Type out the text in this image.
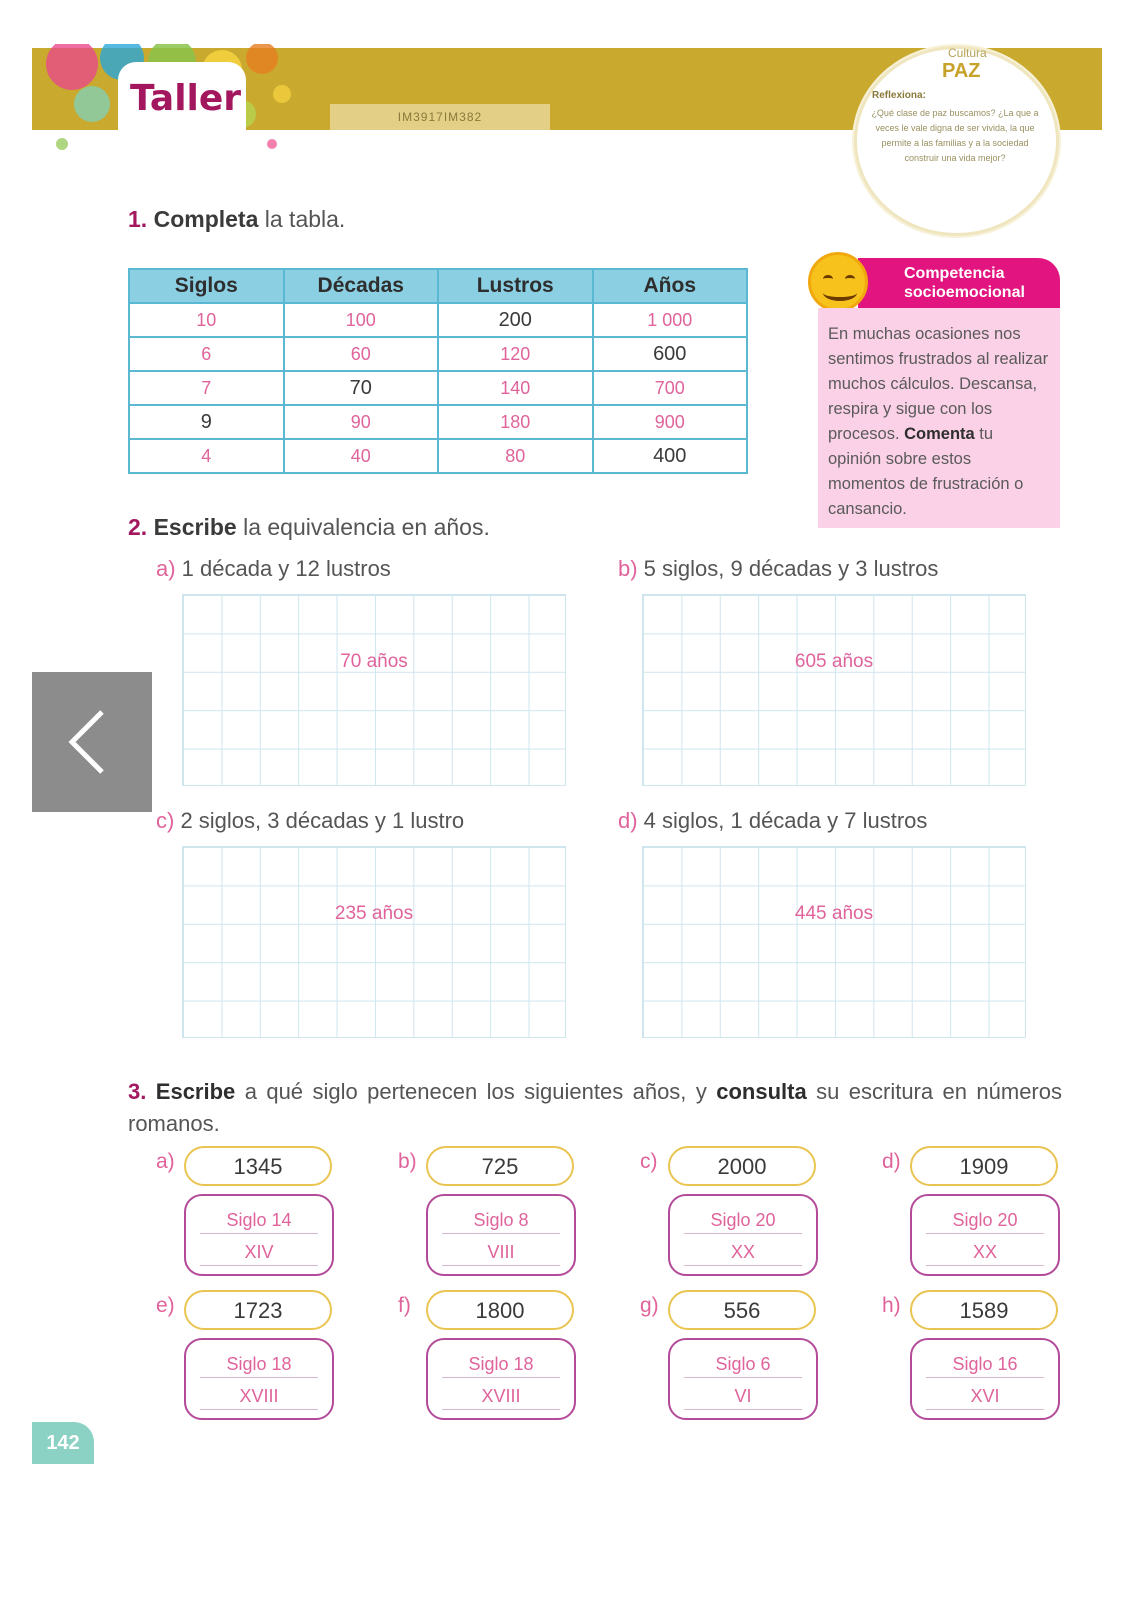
Taller	IM3917IM382
Cultura
PAZ
Reflexiona:
¿Qué clase de paz buscamos? ¿La que a veces le vale digna de ser vivida, la que permite a las familias y a la sociedad construir una vida mejor?
1. Completa la tabla.
Siglos	Décadas	Lustros	Años
10	100	200	1 000
6	60	120	600
7	70	140	700
9	90	180	900
4	40	80	400
Competencia
socioemocional
En muchas ocasiones nos sentimos frustrados al realizar muchos cálculos. Descansa, respira y sigue con los procesos. Comenta tu opinión sobre estos momentos de frustración o cansancio.
2. Escribe la equivalencia en años.
a) 1 década y 12 lustros	b) 5 siglos, 9 décadas y 3 lustros
70 años	605 años
c) 2 siglos, 3 décadas y 1 lustro	d) 4 siglos, 1 década y 7 lustros
235 años	445 años
3. Escribe a qué siglo pertenecen los siguientes años, y consulta su escritura en números romanos.
a)	1345
Siglo 14
XIV
b)	725
Siglo 8
VIII
c)	2000
Siglo 20
XX
d)	1909
Siglo 20
XX
e)	1723
Siglo 18
XVIII
f)	1800
Siglo 18
XVIII
g)	556
Siglo 6
VI
h)	1589
Siglo 16
XVI
142
